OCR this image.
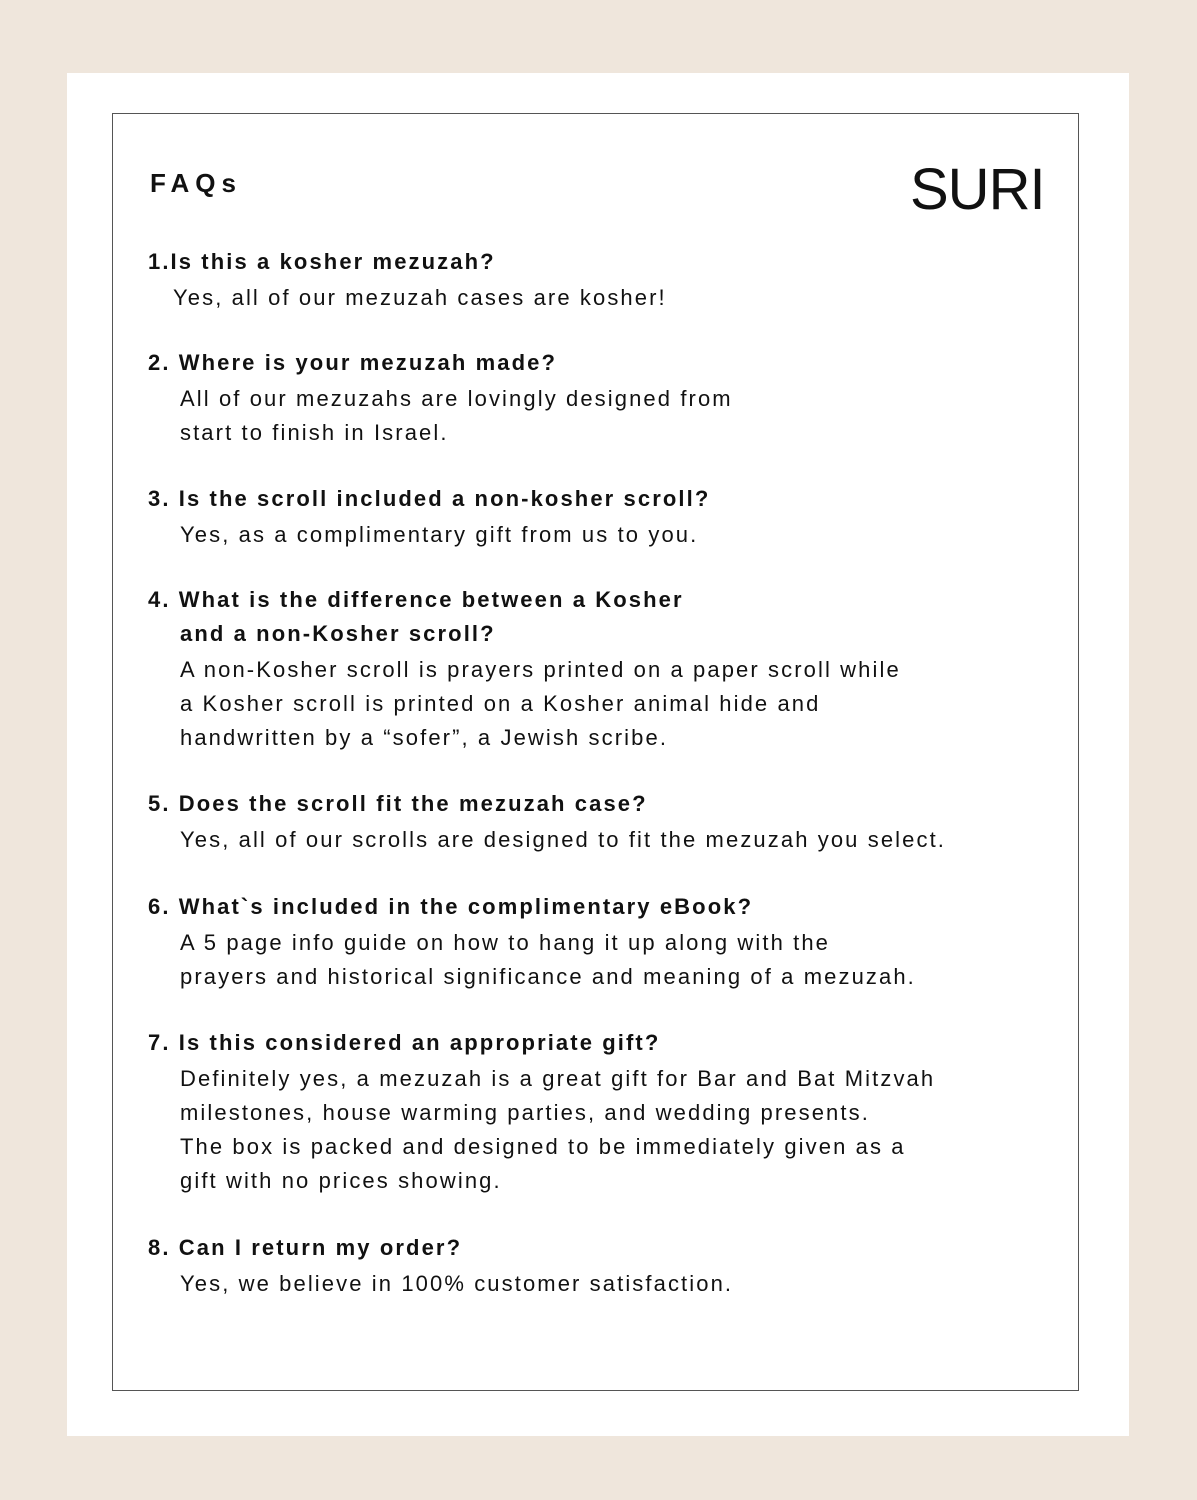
FAQs	SURI
1.Is this a kosher mezuzah?
Yes, all of our mezuzah cases are kosher!
2. Where is your mezuzah made?
All of our mezuzahs are lovingly designed from
start to finish in Israel.
3. Is the scroll included a non-kosher scroll?
Yes, as a complimentary gift from us to you.
4. What is the difference between a Kosher
and a non-Kosher scroll?
A non-Kosher scroll is prayers printed on a paper scroll while
a Kosher scroll is printed on a Kosher animal hide and
handwritten by a “sofer”, a Jewish scribe.
5. Does the scroll fit the mezuzah case?
Yes, all of our scrolls are designed to fit the mezuzah you select.
6. What`s included in the complimentary eBook?
A 5 page info guide on how to hang it up along with the
prayers and historical significance and meaning of a mezuzah.
7. Is this considered an appropriate gift?
Definitely yes, a mezuzah is a great gift for Bar and Bat Mitzvah
milestones, house warming parties, and wedding presents.
The box is packed and designed to be immediately given as a
gift with no prices showing.
8. Can I return my order?
Yes, we believe in 100% customer satisfaction.
